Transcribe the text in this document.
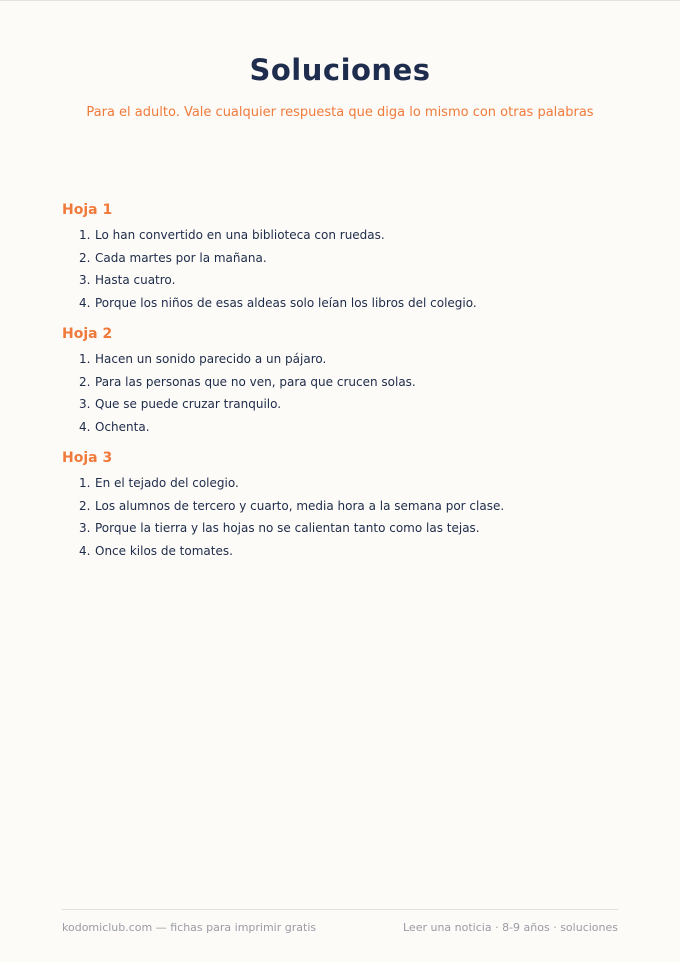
Soluciones
Para el adulto. Vale cualquier respuesta que diga lo mismo con otras palabras
Hoja 1
1. Lo han convertido en una biblioteca con ruedas.
2. Cada martes por la mañana.
3. Hasta cuatro.
4. Porque los niños de esas aldeas solo leían los libros del colegio.
Hoja 2
1. Hacen un sonido parecido a un pájaro.
2. Para las personas que no ven, para que crucen solas.
3. Que se puede cruzar tranquilo.
4. Ochenta.
Hoja 3
1. En el tejado del colegio.
2. Los alumnos de tercero y cuarto, media hora a la semana por clase.
3. Porque la tierra y las hojas no se calientan tanto como las tejas.
4. Once kilos de tomates.
kodomiclub.com — fichas para imprimir gratis	Leer una noticia · 8-9 años · soluciones
